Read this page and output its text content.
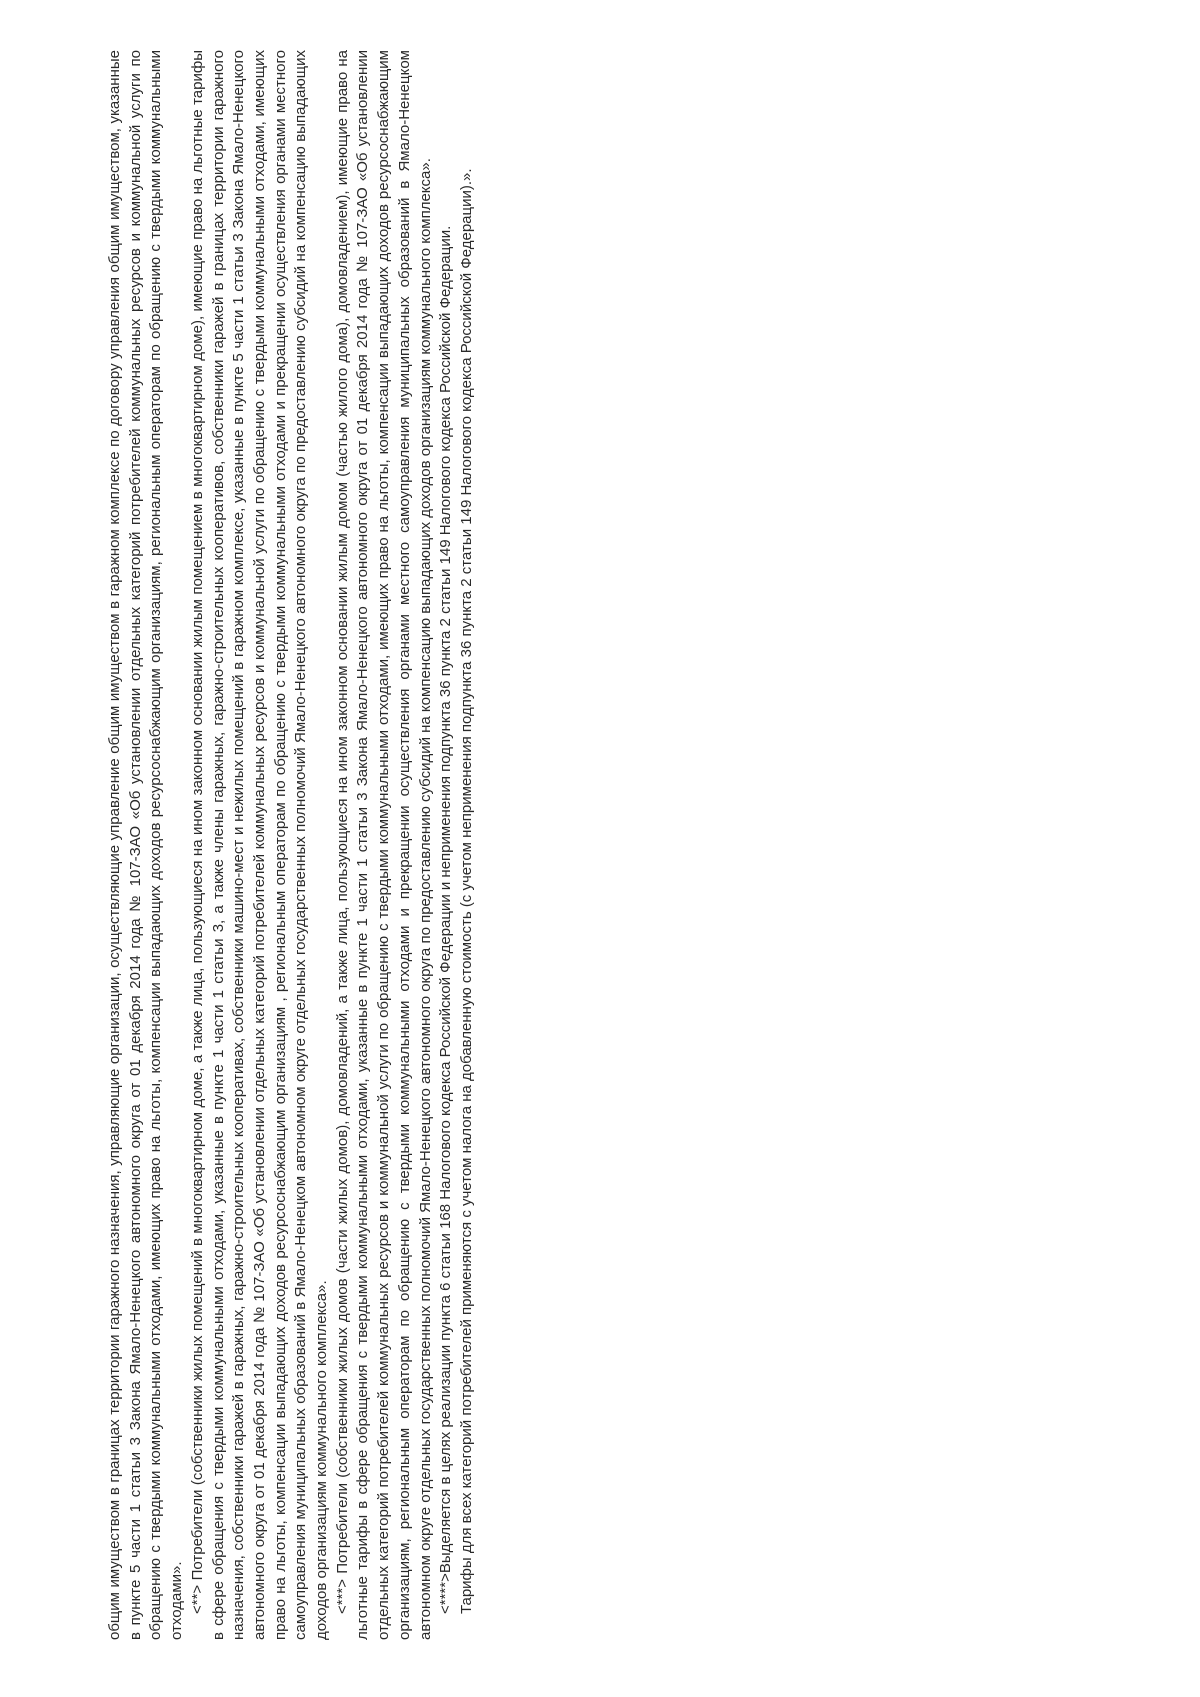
общим имуществом в границах территории гаражного назначения, управляющие организации, осуществляющие управление общим имуществом в гаражном комплексе по договору управления общим имуществом, указанные в пункте 5 части 1 статьи 3 Закона Ямало-Ненецкого автономного округа от 01 декабря 2014 года № 107-ЗАО «Об установлении отдельных категорий потребителей коммунальных ресурсов и коммунальной услуги по обращению с твердыми коммунальными отходами, имеющих право на льготы, компенсации выпадающих доходов ресурсоснабжающим организациям, региональным операторам по обращению с твердыми коммунальными отходами». <**> Потребители (собственники жилых помещений в многоквартирном доме, а также лица, пользующиеся на ином законном основании жилым помещением в многоквартирном доме), имеющие право на льготные тарифы в сфере обращения с твердыми коммунальными отходами, указанные в пункте 1 части 1 статьи 3, а также члены гаражных, гаражно-строительных кооперативов, собственники гаражей в границах территории гаражного назначения, собственники гаражей в гаражных, гаражно-строительных кооперативах, собственники машино-мест и нежилых помещений в гаражном комплексе, указанные в пункте 5 части 1 статьи 3 Закона Ямало-Ненецкого автономного округа от 01 декабря 2014 года № 107-ЗАО «Об установлении отдельных категорий потребителей коммунальных ресурсов и коммунальной услуги по обращению с твердыми коммунальными отходами, имеющих право на льготы, компенсации выпадающих доходов ресурсоснабжающим организациям , региональным операторам по обращению с твердыми коммунальными отходами и прекращении осуществления органами местного самоуправления муниципальных образований в Ямало-Ненецком автономном округе отдельных государственных полномочий Ямало-Ненецкого автономного округа по предоставлению субсидий на компенсацию выпадающих доходов организациям коммунального комплекса». <***> Потребители (собственники жилых домов (части жилых домов), домовладений, а также лица, пользующиеся на ином законном основании жилым домом (частью жилого дома), домовладением), имеющие право на льготные тарифы в сфере обращения с твердыми коммунальными отходами, указанные в пункте 1 части 1 статьи 3 Закона Ямало-Ненецкого автономного округа от 01 декабря 2014 года № 107-ЗАО «Об установлении отдельных категорий потребителей коммунальных ресурсов и коммунальной услуги по обращению с твердыми коммунальными отходами, имеющих право на льготы, компенсации выпадающих доходов ресурсоснабжающим организациям, региональным операторам по обращению с твердыми коммунальными отходами и прекращении осуществления органами местного самоуправления муниципальных образований в Ямало-Ненецком автономном округе отдельных государственных полномочий Ямало-Ненецкого автономного округа по предоставлению субсидий на компенсацию выпадающих доходов организациям коммунального комплекса». <****>Выделяется в целях реализации пункта 6 статьи 168 Налогового кодекса Российской Федерации и неприменения подпункта 36 пункта 2 статьи 149 Налогового кодекса Российской Федерации. Тарифы для всех категорий потребителей применяются с учетом налога на добавленную стоимость (с учетом неприменения подпункта 36 пункта 2 статьи 149 Налогового кодекса Российской Федерации).».
